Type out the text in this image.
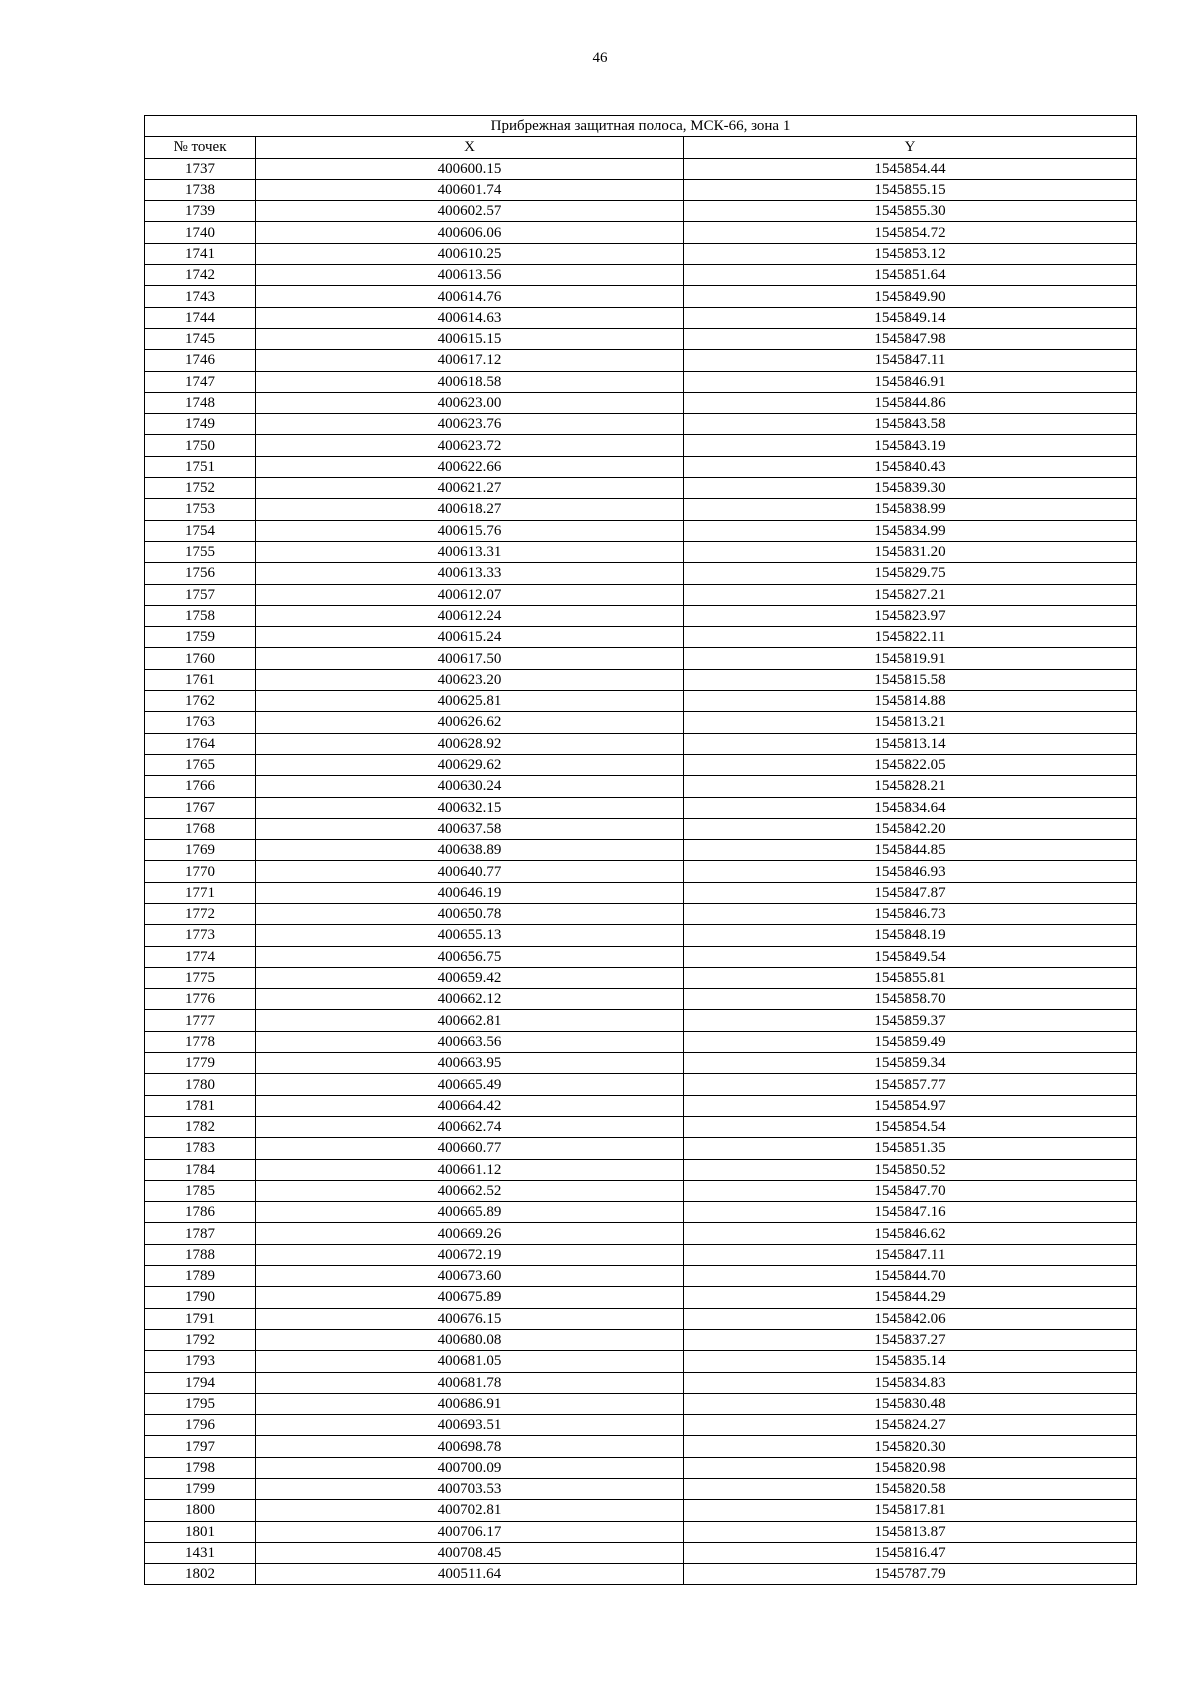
46
Прибрежная защитная полоса, МСК-66, зона 1		
№ точек	X	Y
1737	400600.15	1545854.44
1738	400601.74	1545855.15
1739	400602.57	1545855.30
1740	400606.06	1545854.72
1741	400610.25	1545853.12
1742	400613.56	1545851.64
1743	400614.76	1545849.90
1744	400614.63	1545849.14
1745	400615.15	1545847.98
1746	400617.12	1545847.11
1747	400618.58	1545846.91
1748	400623.00	1545844.86
1749	400623.76	1545843.58
1750	400623.72	1545843.19
1751	400622.66	1545840.43
1752	400621.27	1545839.30
1753	400618.27	1545838.99
1754	400615.76	1545834.99
1755	400613.31	1545831.20
1756	400613.33	1545829.75
1757	400612.07	1545827.21
1758	400612.24	1545823.97
1759	400615.24	1545822.11
1760	400617.50	1545819.91
1761	400623.20	1545815.58
1762	400625.81	1545814.88
1763	400626.62	1545813.21
1764	400628.92	1545813.14
1765	400629.62	1545822.05
1766	400630.24	1545828.21
1767	400632.15	1545834.64
1768	400637.58	1545842.20
1769	400638.89	1545844.85
1770	400640.77	1545846.93
1771	400646.19	1545847.87
1772	400650.78	1545846.73
1773	400655.13	1545848.19
1774	400656.75	1545849.54
1775	400659.42	1545855.81
1776	400662.12	1545858.70
1777	400662.81	1545859.37
1778	400663.56	1545859.49
1779	400663.95	1545859.34
1780	400665.49	1545857.77
1781	400664.42	1545854.97
1782	400662.74	1545854.54
1783	400660.77	1545851.35
1784	400661.12	1545850.52
1785	400662.52	1545847.70
1786	400665.89	1545847.16
1787	400669.26	1545846.62
1788	400672.19	1545847.11
1789	400673.60	1545844.70
1790	400675.89	1545844.29
1791	400676.15	1545842.06
1792	400680.08	1545837.27
1793	400681.05	1545835.14
1794	400681.78	1545834.83
1795	400686.91	1545830.48
1796	400693.51	1545824.27
1797	400698.78	1545820.30
1798	400700.09	1545820.98
1799	400703.53	1545820.58
1800	400702.81	1545817.81
1801	400706.17	1545813.87
1431	400708.45	1545816.47
1802	400511.64	1545787.79
